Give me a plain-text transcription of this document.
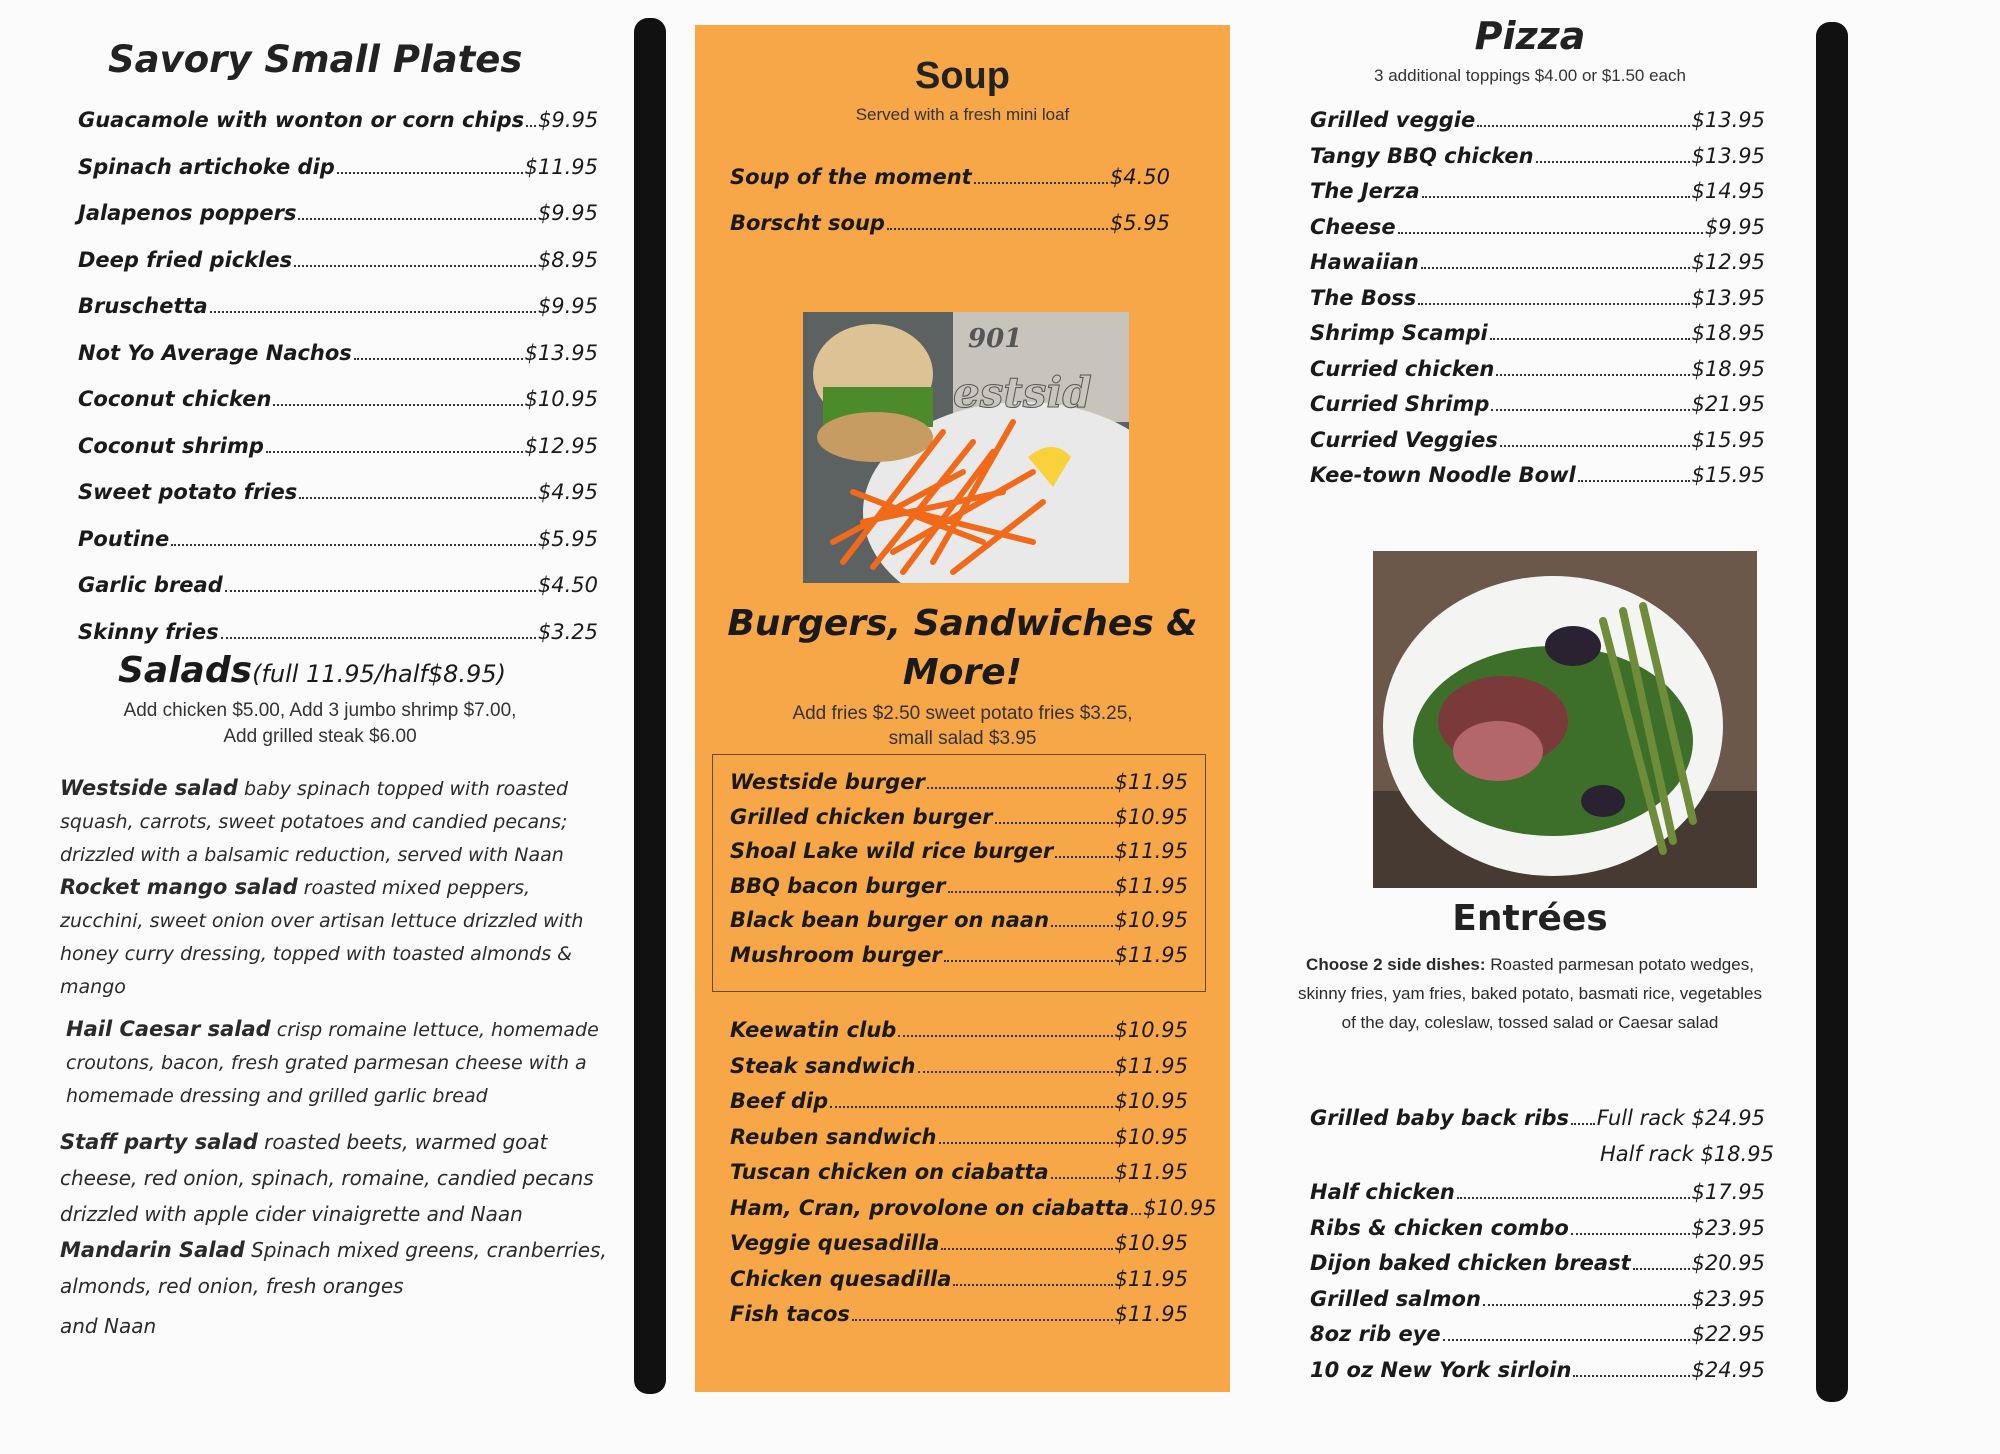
Savory Small Plates
Guacamole with wonton or corn chips $9.95
Spinach artichoke dip	$11.95
Jalapenos poppers	$9.95
Deep fried pickles	$8.95
Bruschetta	$9.95
Not Yo Average Nachos	$13.95
Coconut chicken	$10.95
Coconut shrimp	$12.95
Sweet potato fries	$4.95
Poutine	$5.95
Garlic bread	$4.50
Skinny fries	$3.25
Salads(full 11.95/half$8.95)
Add chicken $5.00, Add 3 jumbo shrimp $7.00,
Add grilled steak $6.00
Westside salad baby spinach topped with roasted squash, carrots, sweet potatoes and candied pecans; drizzled with a balsamic reduction, served with Naan
Rocket mango salad roasted mixed peppers, zucchini, sweet onion over artisan lettuce drizzled with honey curry dressing, topped with toasted almonds & mango
Hail Caesar salad crisp romaine lettuce, homemade croutons, bacon, fresh grated parmesan cheese with a homemade dressing and grilled garlic bread
Staff party salad roasted beets, warmed goat cheese, red onion, spinach, romaine, candied pecans drizzled with apple cider vinaigrette and Naan Mandarin Salad Spinach mixed greens, cranberries, almonds, red onion, fresh oranges
and Naan
Soup
Served with a fresh mini loaf
Soup of the moment	$4.50
Borscht soup	$5.95
901
estsid
Burgers, Sandwiches &
More!
Add fries $2.50 sweet potato fries $3.25,
small salad $3.95
Westside burger	$11.95
Grilled chicken burger	$10.95
Shoal Lake wild rice burger	$11.95
BBQ bacon burger	$11.95
Black bean burger on naan	$10.95
Mushroom burger	$11.95
Keewatin club	$10.95
Steak sandwich	$11.95
Beef dip	$10.95
Reuben sandwich	$10.95
Tuscan chicken on ciabatta	$11.95
Ham, Cran, provolone on ciabatta $10.95
Veggie quesadilla	$10.95
Chicken quesadilla	$11.95
Fish tacos	$11.95
Pizza
3 additional toppings $4.00 or $1.50 each
Grilled veggie	$13.95
Tangy BBQ chicken	$13.95
The Jerza	$14.95
Cheese	$9.95
Hawaiian	$12.95
The Boss	$13.95
Shrimp Scampi	$18.95
Curried chicken	$18.95
Curried Shrimp	$21.95
Curried Veggies	$15.95
Kee-town Noodle Bowl	$15.95
Entrées
Choose 2 side dishes: Roasted parmesan potato wedges, skinny fries, yam fries, baked potato, basmati rice, vegetables of the day, coleslaw, tossed salad or Caesar salad
Grilled baby back ribs Full rack $24.95
Half rack $18.95
Half chicken	$17.95
Ribs & chicken combo	$23.95
Dijon baked chicken breast	$20.95
Grilled salmon	$23.95
8oz rib eye	$22.95
10 oz New York sirloin	$24.95
